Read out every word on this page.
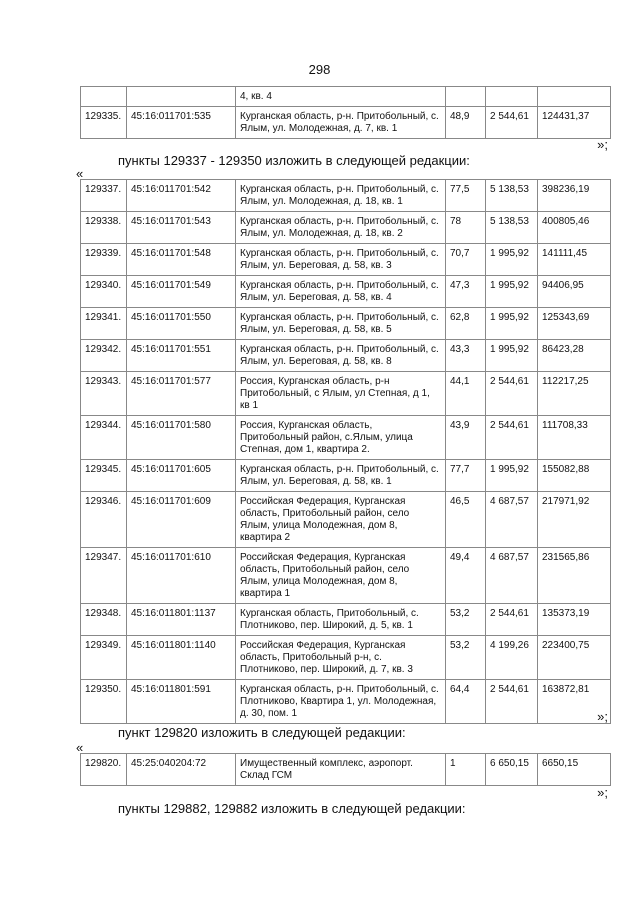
298
		4, кв. 4			
129335.	45:16:011701:535	Курганская область, р-н. Притобольный, с. Ялым, ул. Молодежная, д. 7, кв. 1	48,9	2 544,61	124431,37
»;
пункты 129337 - 129350 изложить в следующей редакции:
«
129337.	45:16:011701:542	Курганская область, р-н. Притобольный, с. Ялым, ул. Молодежная, д. 18, кв. 1	77,5	5 138,53	398236,19
129338.	45:16:011701:543	Курганская область, р-н. Притобольный, с. Ялым, ул. Молодежная, д. 18, кв. 2	78	5 138,53	400805,46
129339.	45:16:011701:548	Курганская область, р-н. Притобольный, с. Ялым, ул. Береговая, д. 58, кв. 3	70,7	1 995,92	141111,45
129340.	45:16:011701:549	Курганская область, р-н. Притобольный, с. Ялым, ул. Береговая, д. 58, кв. 4	47,3	1 995,92	94406,95
129341.	45:16:011701:550	Курганская область, р-н. Притобольный, с. Ялым, ул. Береговая, д. 58, кв. 5	62,8	1 995,92	125343,69
129342.	45:16:011701:551	Курганская область, р-н. Притобольный, с. Ялым, ул. Береговая, д. 58, кв. 8	43,3	1 995,92	86423,28
129343.	45:16:011701:577	Россия, Курганская область, р-н Притобольный, с Ялым, ул Степная, д 1, кв 1	44,1	2 544,61	112217,25
129344.	45:16:011701:580	Россия, Курганская область, Притобольный район, с.Ялым, улица Степная, дом 1, квартира 2.	43,9	2 544,61	111708,33
129345.	45:16:011701:605	Курганская область, р-н. Притобольный, с. Ялым, ул. Береговая, д. 58, кв. 1	77,7	1 995,92	155082,88
129346.	45:16:011701:609	Российская Федерация, Курганская область, Притобольный район, село Ялым, улица Молодежная, дом 8, квартира 2	46,5	4 687,57	217971,92
129347.	45:16:011701:610	Российская Федерация, Курганская область, Притобольный район, село Ялым, улица Молодежная, дом 8, квартира 1	49,4	4 687,57	231565,86
129348.	45:16:011801:1137	Курганская область, Притобольный, с. Плотниково, пер. Широкий, д. 5, кв. 1	53,2	2 544,61	135373,19
129349.	45:16:011801:1140	Российская Федерация, Курганская область, Притобольный р-н, с. Плотниково, пер. Широкий, д. 7, кв. 3	53,2	4 199,26	223400,75
129350.	45:16:011801:591	Курганская область, р-н. Притобольный, с. Плотниково, Квартира 1, ул. Молодежная, д. 30, пом. 1	64,4	2 544,61	163872,81
»;
пункт 129820 изложить в следующей редакции:
«
129820.	45:25:040204:72	Имущественный комплекс, аэропорт. Склад ГСМ	1	6 650,15	6650,15
»;
пункты 129882, 129882 изложить в следующей редакции:
